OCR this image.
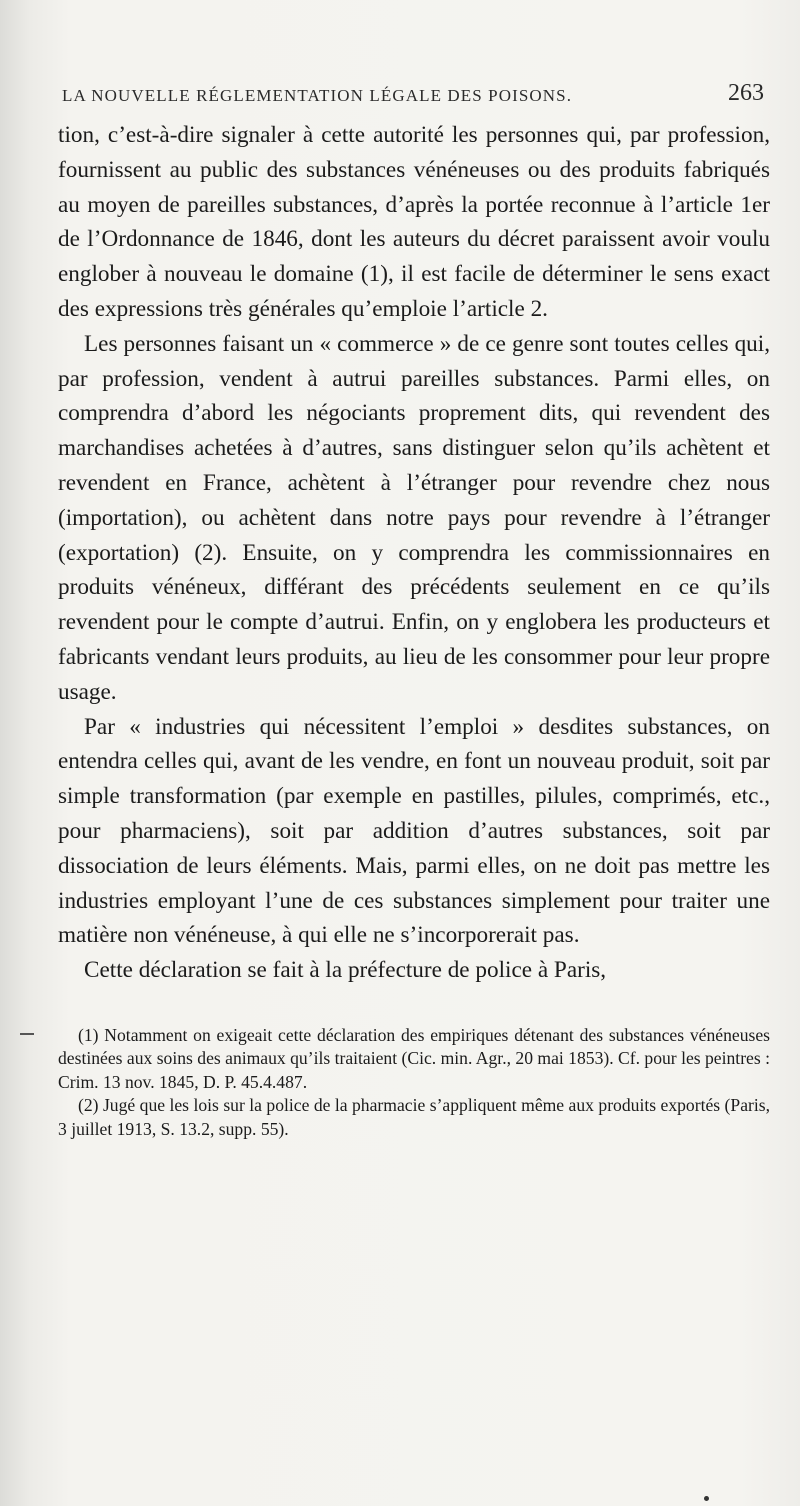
LA NOUVELLE RÉGLEMENTATION LÉGALE DES POISONS.	263

tion, c’est-à-dire signaler à cette autorité les personnes qui, par profession, fournissent au public des substances vénéneuses ou des produits fabriqués au moyen de pareilles substances, d’après la portée reconnue à l’article 1er de l’Ordonnance de 1846, dont les auteurs du décret paraissent avoir voulu englober à nouveau le domaine (1), il est facile de déterminer le sens exact des expressions très générales qu’emploie l’article 2.

Les personnes faisant un « commerce » de ce genre sont toutes celles qui, par profession, vendent à autrui pareilles substances. Parmi elles, on comprendra d’abord les négociants proprement dits, qui revendent des marchandises achetées à d’autres, sans distinguer selon qu’ils achètent et revendent en France, achètent à l’étranger pour revendre chez nous (importation), ou achètent dans notre pays pour revendre à l’étranger (exportation) (2). Ensuite, on y comprendra les commissionnaires en produits vénéneux, différant des précédents seulement en ce qu’ils revendent pour le compte d’autrui. Enfin, on y englobera les producteurs et fabricants vendant leurs produits, au lieu de les consommer pour leur propre usage.

Par « industries qui nécessitent l’emploi » desdites substances, on entendra celles qui, avant de les vendre, en font un nouveau produit, soit par simple transformation (par exemple en pastilles, pilules, comprimés, etc., pour pharmaciens), soit par addition d’autres substances, soit par dissociation de leurs éléments. Mais, parmi elles, on ne doit pas mettre les industries employant l’une de ces substances simplement pour traiter une matière non vénéneuse, à qui elle ne s’incorporerait pas.

Cette déclaration se fait à la préfecture de police à Paris,

(1) Notamment on exigeait cette déclaration des empiriques détenant des substances vénéneuses destinées aux soins des animaux qu’ils traitaient (Cic. min. Agr., 20 mai 1853). Cf. pour les peintres : Crim. 13 nov. 1845, D. P. 45.4.487.

(2) Jugé que les lois sur la police de la pharmacie s’appliquent même aux produits exportés (Paris, 3 juillet 1913, S. 13.2, supp. 55).
